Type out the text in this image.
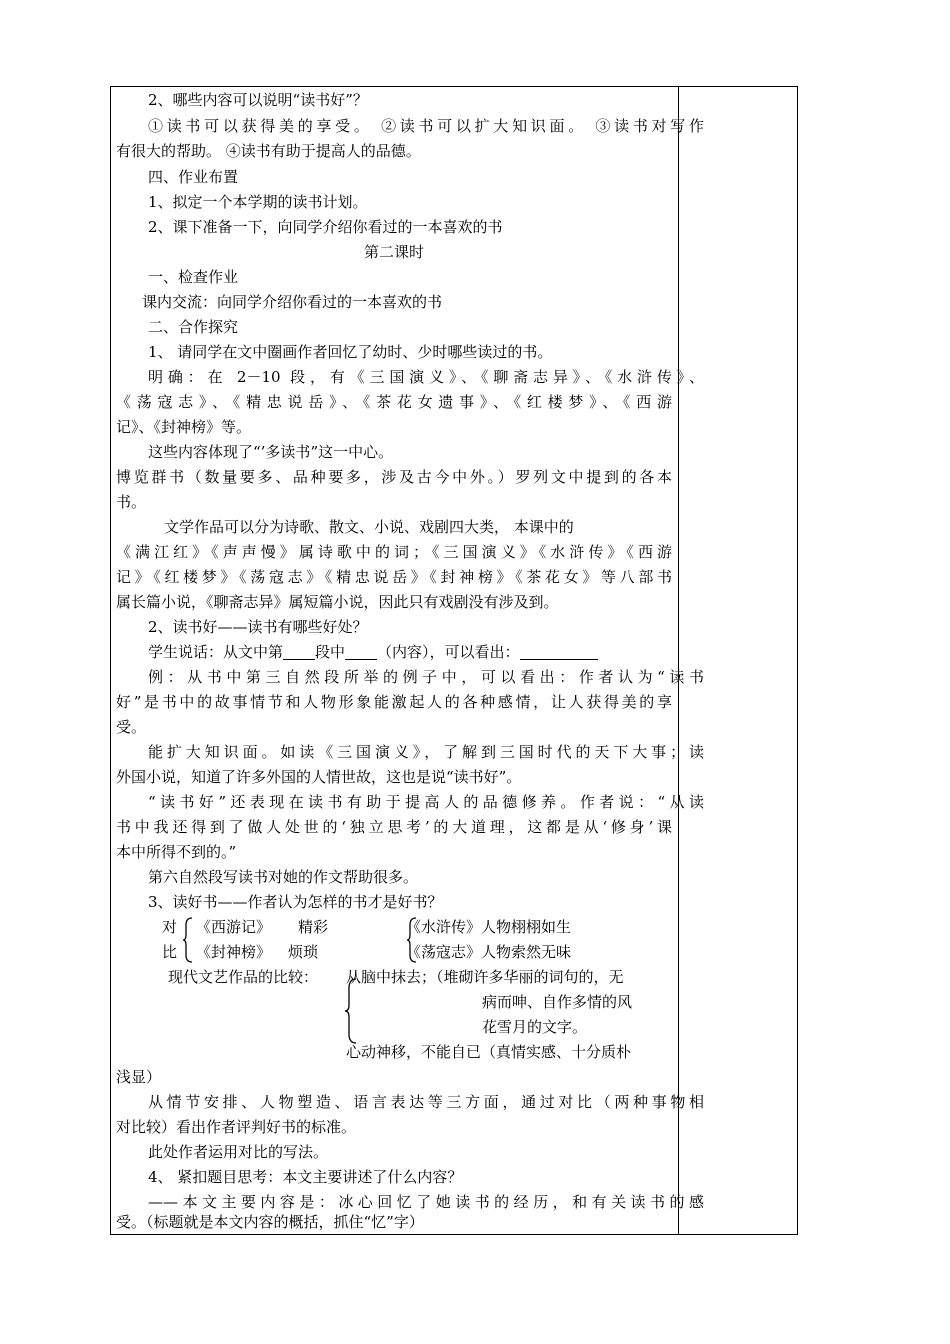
2、哪些内容可以说明“读书好”？
①读书可以获得美的享受。 ②读书可以扩大知识面。 ③读书对写作
有很大的帮助。 ④读书有助于提高人的品德。
四、作业布置
1、拟定一个本学期的读书计划。
2、课下准备一下，向同学介绍你看过的一本喜欢的书
第二课时
一、检查作业
课内交流：向同学介绍你看过的一本喜欢的书
二、合作探究
1、 请同学在文中圈画作者回忆了幼时、少时哪些读过的书。
明确：在 2－10 段，有《三国演义》、《聊斋志异》、《水浒传》、
《荡寇志》、《精忠说岳》、《茶花女遗事》、《红楼梦》、《西游
记》、《封神榜》等。
这些内容体现了“’多读书”这一中心。
博览群书（数量要多、品种要多，涉及古今中外。）罗列文中提到的各本
书。
文学作品可以分为诗歌、散文、小说、戏剧四大类， 本课中的
《满江红》《声声慢》属诗歌中的词；《三国演义》《水浒传》《西游
记》《红楼梦》《荡寇志》《精忠说岳》《封神榜》《茶花女》等八部书
属长篇小说，《聊斋志异》属短篇小说，因此只有戏剧没有涉及到。
2、读书好——读书有哪些好处？
学生说话：从文中第 段中 （内容），可以看出：
例：从书中第三自然段所举的例子中，可以看出：作者认为“读书
好”是书中的故事情节和人物形象能激起人的各种感情，让人获得美的享
受。
能扩大知识面。如读《三国演义》，了解到三国时代的天下大事；读
外国小说，知道了许多外国的人情世故，这也是说“读书好”。
“读书好”还表现在读书有助于提高人的品德修养。作者说：“从读
书中我还得到了做人处世的‘独立思考’的大道理，这都是从‘修身’课
本中所得不到的。”
第六自然段写读书对她的作文帮助很多。
3、读好书——作者认为怎样的书才是好书？
对
比
《西游记》 精彩	《水浒传》人物栩栩如生
《封神榜》 烦琐	《荡寇志》人物索然无味
现代文艺作品的比较： 从脑中抹去；（堆砌许多华丽的词句的，无
病而呻、自作多情的风
花雪月的文字。
心动神移，不能自已（真情实感、十分质朴
浅显）
从情节安排、人物塑造、语言表达等三方面，通过对比（两种事物相
对比较）看出作者评判好书的标准。
此处作者运用对比的写法。
4、 紧扣题目思考：本文主要讲述了什么内容？
——本文主要内容是：冰心回忆了她读书的经历，和有关读书的感
受。（标题就是本文内容的概括，抓住“忆”字）
